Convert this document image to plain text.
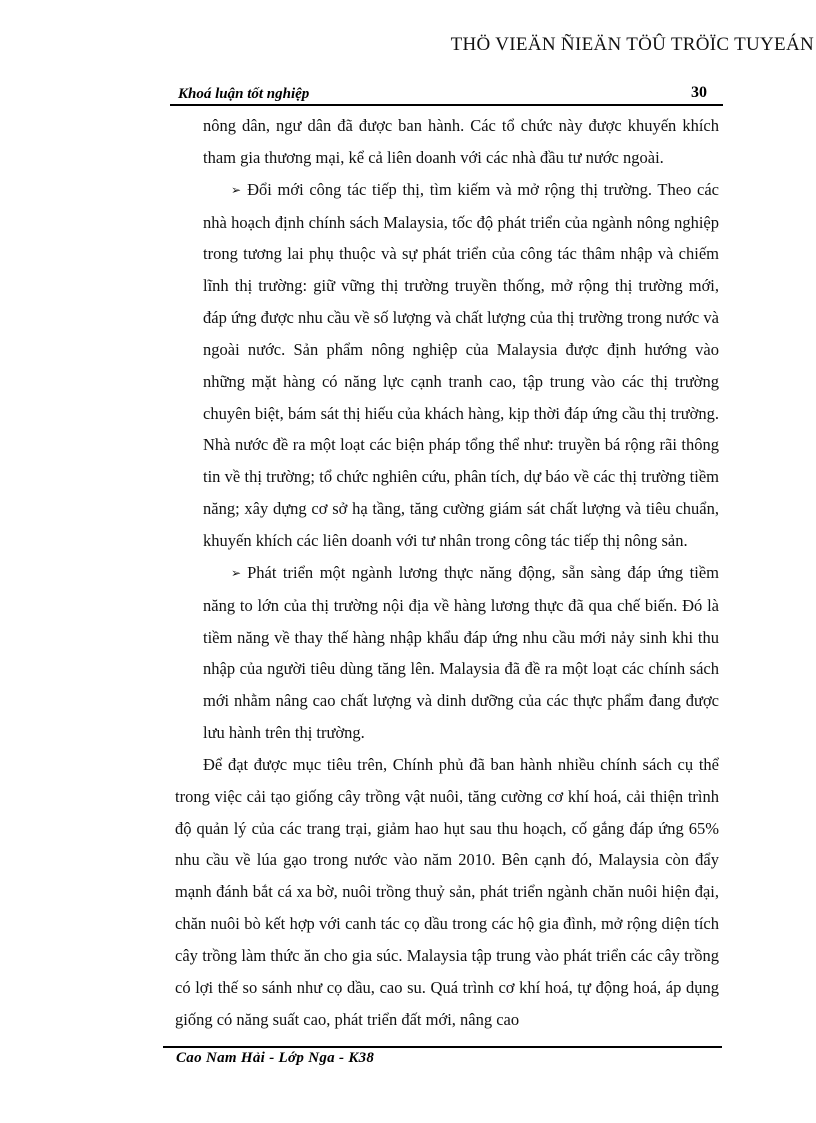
THÖ VIEÄN ÑIEÄN TÖÛ TRÖÏC TUYEÁN
Khoá luận tốt nghiệp	30

nông dân, ngư dân đã được ban hành. Các tổ chức này được khuyến khích tham gia thương mại, kể cả liên doanh với các nhà đầu tư nước ngoài.

➢ Đổi mới công tác tiếp thị, tìm kiếm và mở rộng thị trường. Theo các nhà hoạch định chính sách Malaysia, tốc độ phát triển của ngành nông nghiệp trong tương lai phụ thuộc và sự phát triển của công tác thâm nhập và chiếm lĩnh thị trường: giữ vững thị trường truyền thống, mở rộng thị trường mới, đáp ứng được nhu cầu về số lượng và chất lượng của thị trường trong nước và ngoài nước. Sản phẩm nông nghiệp của Malaysia được định hướng vào những mặt hàng có năng lực cạnh tranh cao, tập trung vào các thị trường chuyên biệt, bám sát thị hiếu của khách hàng, kịp thời đáp ứng cầu thị trường. Nhà nước đề ra một loạt các biện pháp tổng thể như: truyền bá rộng rãi thông tin về thị trường; tổ chức nghiên cứu, phân tích, dự báo về các thị trường tiềm năng; xây dựng cơ sở hạ tầng, tăng cường giám sát chất lượng và tiêu chuẩn, khuyến khích các liên doanh với tư nhân trong công tác tiếp thị nông sản.

➢ Phát triển một ngành lương thực năng động, sẵn sàng đáp ứng tiềm năng to lớn của thị trường nội địa về hàng lương thực đã qua chế biến. Đó là tiềm năng về thay thế hàng nhập khẩu đáp ứng nhu cầu mới nảy sinh khi thu nhập của người tiêu dùng tăng lên. Malaysia đã đề ra một loạt các chính sách mới nhằm nâng cao chất lượng và dinh dưỡng của các thực phẩm đang được lưu hành trên thị trường.

Để đạt được mục tiêu trên, Chính phủ đã ban hành nhiều chính sách cụ thể trong việc cải tạo giống cây trồng vật nuôi, tăng cường cơ khí hoá, cải thiện trình độ quản lý của các trang trại, giảm hao hụt sau thu hoạch, cố gắng đáp ứng 65% nhu cầu về lúa gạo trong nước vào năm 2010. Bên cạnh đó, Malaysia còn đẩy mạnh đánh bắt cá xa bờ, nuôi trồng thuỷ sản, phát triển ngành chăn nuôi hiện đại, chăn nuôi bò kết hợp với canh tác cọ dầu trong các hộ gia đình, mở rộng diện tích cây trồng làm thức ăn cho gia súc. Malaysia tập trung vào phát triển các cây trồng có lợi thế so sánh như cọ dầu, cao su. Quá trình cơ khí hoá, tự động hoá, áp dụng giống có năng suất cao, phát triển đất mới, nâng cao

Cao Nam Hải - Lớp Nga - K38
